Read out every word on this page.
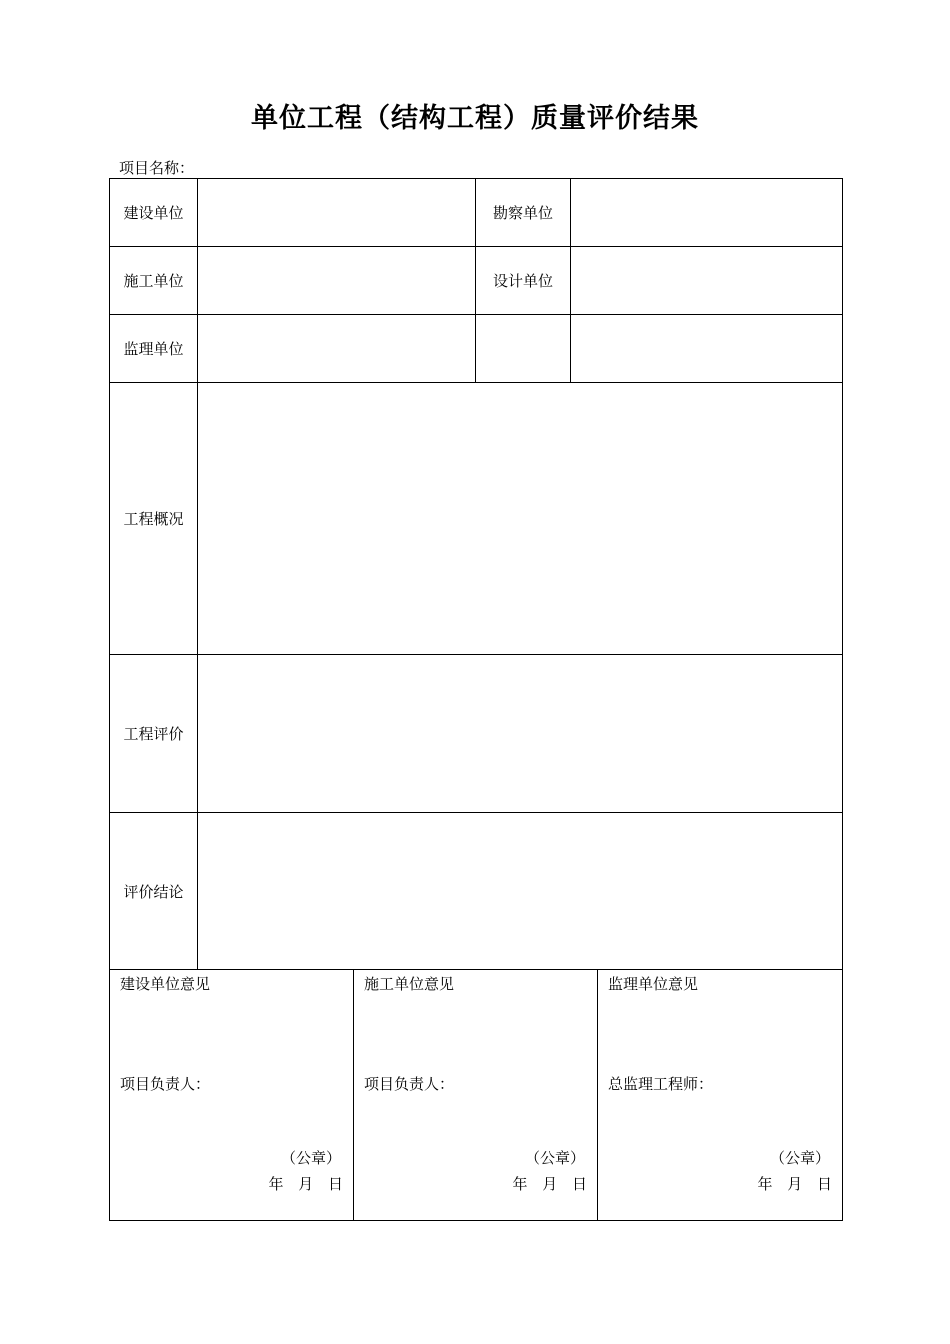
单位工程（结构工程）质量评价结果
项目名称：
建设单位		勘察单位	
施工单位		设计单位	
监理单位			
工程概况			
工程评价			
评价结论			
建设单位意见
项目负责人：
（公章）
年 月 日

施工单位意见
项目负责人：
（公章）
年 月 日

监理单位意见
总监理工程师：
（公章）
年 月 日
